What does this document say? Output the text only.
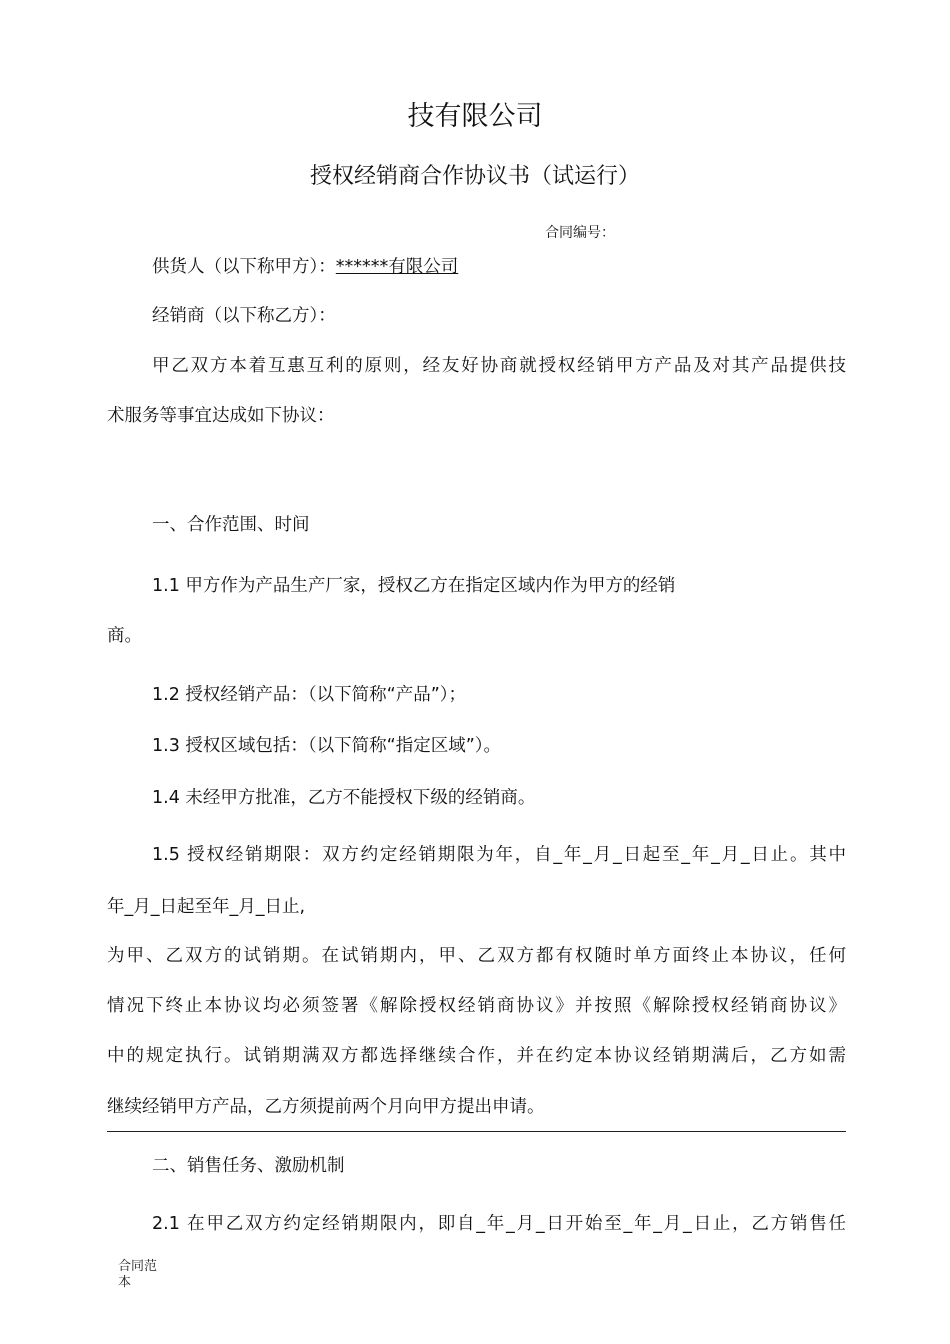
技有限公司
授权经销商合作协议书（试运行）
合同编号：
供货人（以下称甲方）：******有限公司
经销商（以下称乙方）：
甲乙双方本着互惠互利的原则，经友好协商就授权经销甲方产品及对其产品提供技
术服务等事宜达成如下协议：
一、合作范围、时间
1.1 甲方作为产品生产厂家，授权乙方在指定区域内作为甲方的经销
商。
1.2 授权经销产品：（以下简称“产品”）；
1.3 授权区域包括：（以下简称“指定区域”）。
1.4 未经甲方批准，乙方不能授权下级的经销商。
1.5 授权经销期限：双方约定经销期限为年，自_年_月_日起至_年_月_日止。其中
年_月_日起至年_月_日止,
为甲、乙双方的试销期。在试销期内，甲、乙双方都有权随时单方面终止本协议，任何
情况下终止本协议均必须签署《解除授权经销商协议》并按照《解除授权经销商协议》
中的规定执行。试销期满双方都选择继续合作，并在约定本协议经销期满后，乙方如需
继续经销甲方产品，乙方须提前两个月向甲方提出申请。
二、销售任务、激励机制
2.1 在甲乙双方约定经销期限内，即自_年_月_日开始至_年_月_日止，乙方销售任
合同范本
